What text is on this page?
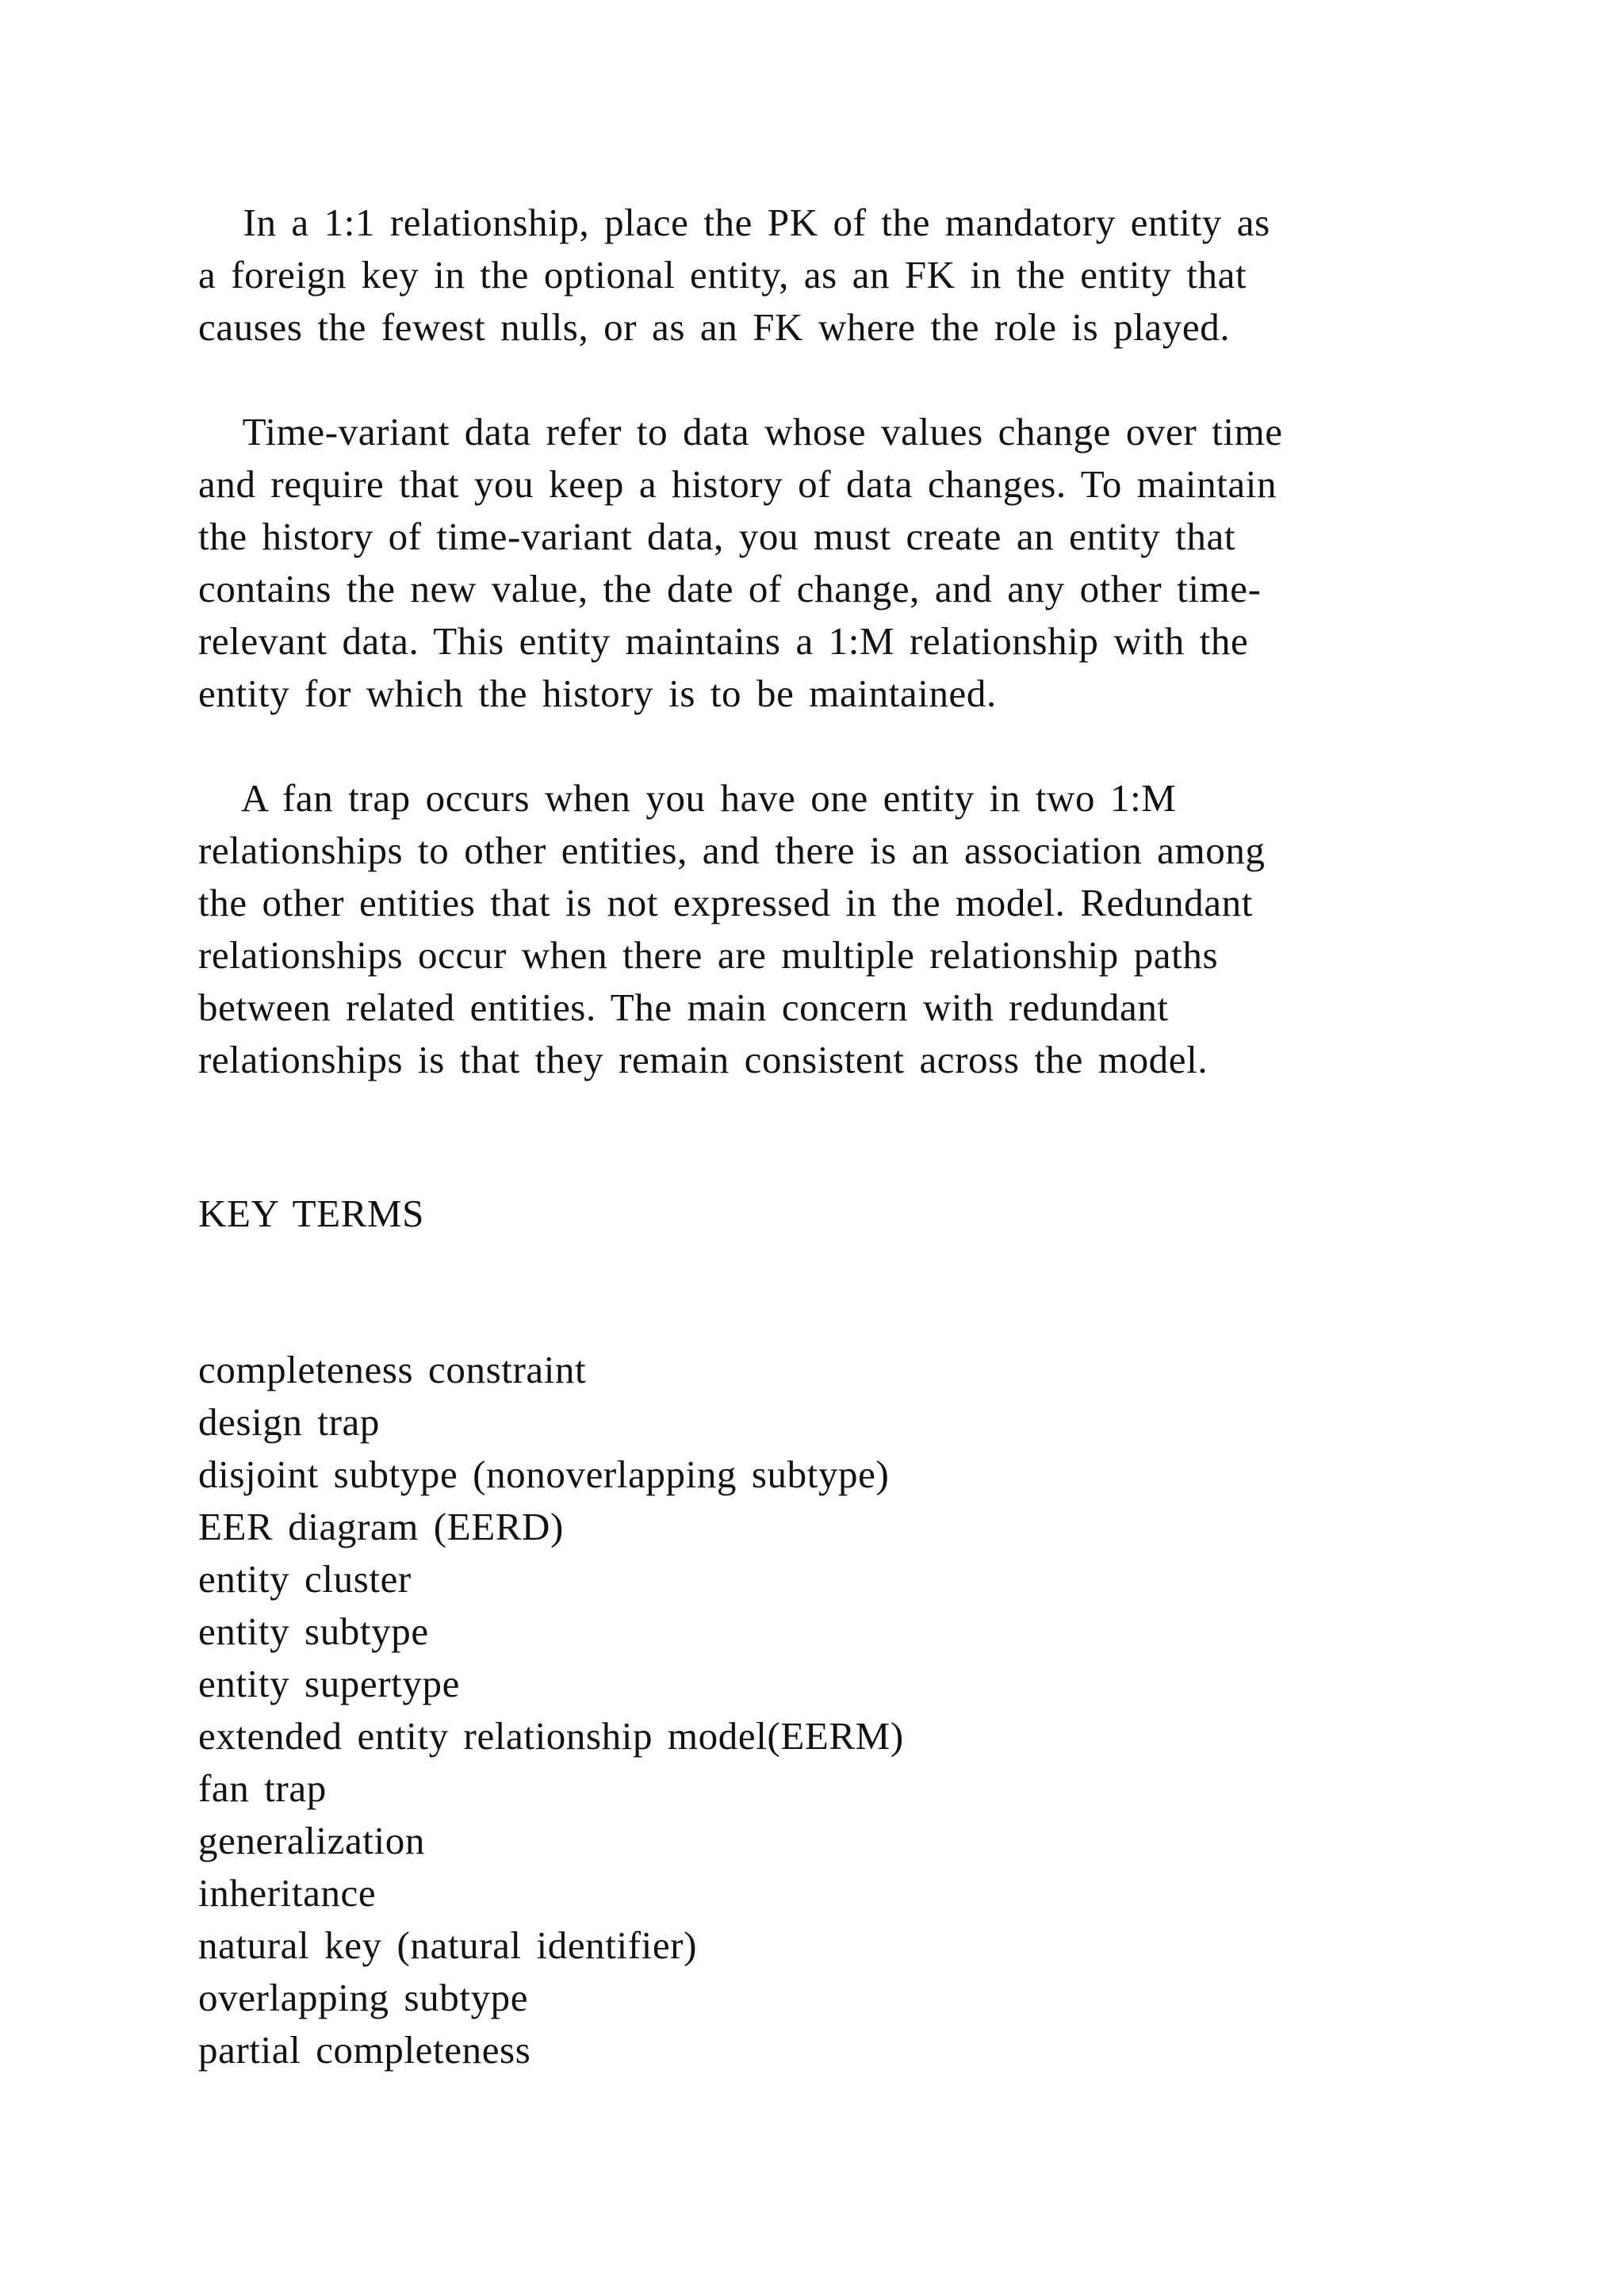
In a 1:1 relationship, place the PK of the mandatory entity as
a foreign key in the optional entity, as an FK in the entity that
causes the fewest nulls, or as an FK where the role is played.
Time-variant data refer to data whose values change over time
and require that you keep a history of data changes. To maintain
the history of time-variant data, you must create an entity that
contains the new value, the date of change, and any other time-
relevant data. This entity maintains a 1:M relationship with the
entity for which the history is to be maintained.
A fan trap occurs when you have one entity in two 1:M
relationships to other entities, and there is an association among
the other entities that is not expressed in the model. Redundant
relationships occur when there are multiple relationship paths
between related entities. The main concern with redundant
relationships is that they remain consistent across the model.
KEY TERMS
completeness constraint
design trap
disjoint subtype (nonoverlapping subtype)
EER diagram (EERD)
entity cluster
entity subtype
entity supertype
extended entity relationship model(EERM)
fan trap
generalization
inheritance
natural key (natural identifier)
overlapping subtype
partial completeness
